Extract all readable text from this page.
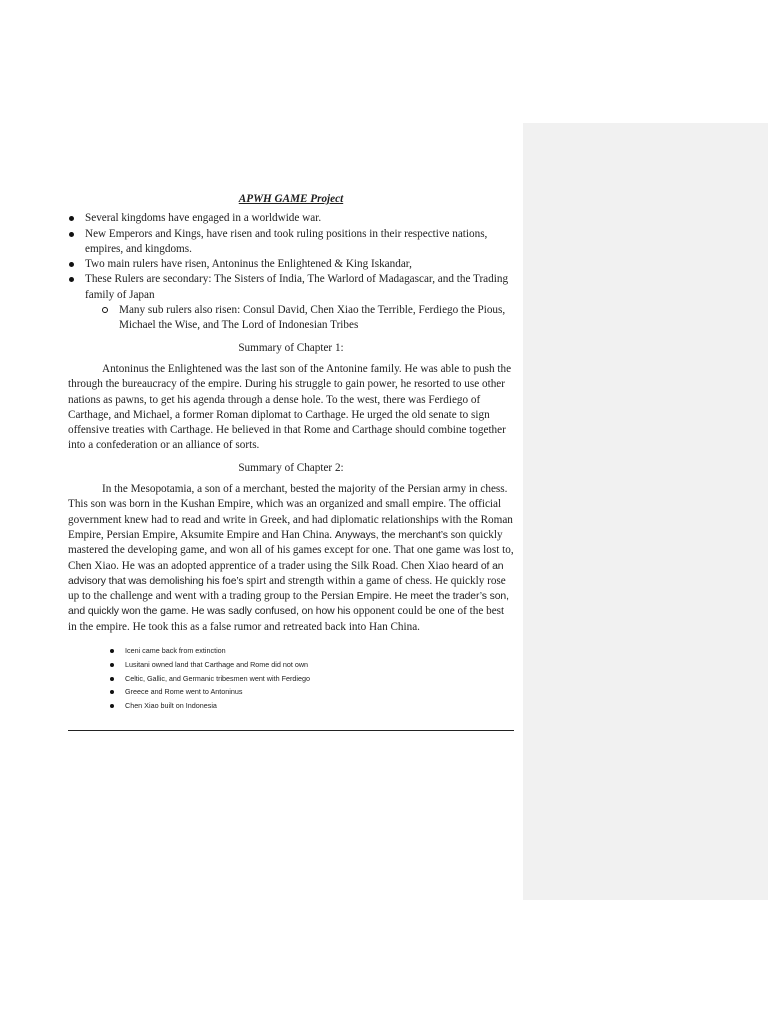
APWH GAME Project

Several kingdoms have engaged in a worldwide war.
New Emperors and Kings, have risen and took ruling positions in their respective nations, empires, and kingdoms.
Two main rulers have risen, Antoninus the Enlightened & King Iskandar,
These Rulers are secondary: The Sisters of India, The Warlord of Madagascar, and the Trading family of Japan
Many sub rulers also risen: Consul David, Chen Xiao the Terrible, Ferdiego the Pious, Michael the Wise, and The Lord of Indonesian Tribes

Summary of Chapter 1:

Antoninus the Enlightened was the last son of the Antonine family. He was able to push the through the bureaucracy of the empire. During his struggle to gain power, he resorted to use other nations as pawns, to get his agenda through a dense hole. To the west, there was Ferdiego of Carthage, and Michael, a former Roman diplomat to Carthage. He urged the old senate to sign offensive treaties with Carthage. He believed in that Rome and Carthage should combine together into a confederation or an alliance of sorts.

Summary of Chapter 2:

In the Mesopotamia, a son of a merchant, bested the majority of the Persian army in chess. This son was born in the Kushan Empire, which was an organized and small empire. The official government knew had to read and write in Greek, and had diplomatic relationships with the Roman Empire, Persian Empire, Aksumite Empire and Han China. Anyways, the merchant’s son quickly mastered the developing game, and won all of his games except for one. That one game was lost to, Chen Xiao. He was an adopted apprentice of a trader using the Silk Road. Chen Xiao heard of an advisory that was demolishing his foe’s spirt and strength within a game of chess. He quickly rose up to the challenge and went with a trading group to the Persian Empire. He meet the trader’s son, and quickly won the game. He was sadly confused, on how his opponent could be one of the best in the empire. He took this as a false rumor and retreated back into Han China.

Iceni came back from extinction
Lusitani owned land that Carthage and Rome did not own
Celtic, Gallic, and Germanic tribesmen went with Ferdiego
Greece and Rome went to Antoninus
Chen Xiao built on Indonesia
